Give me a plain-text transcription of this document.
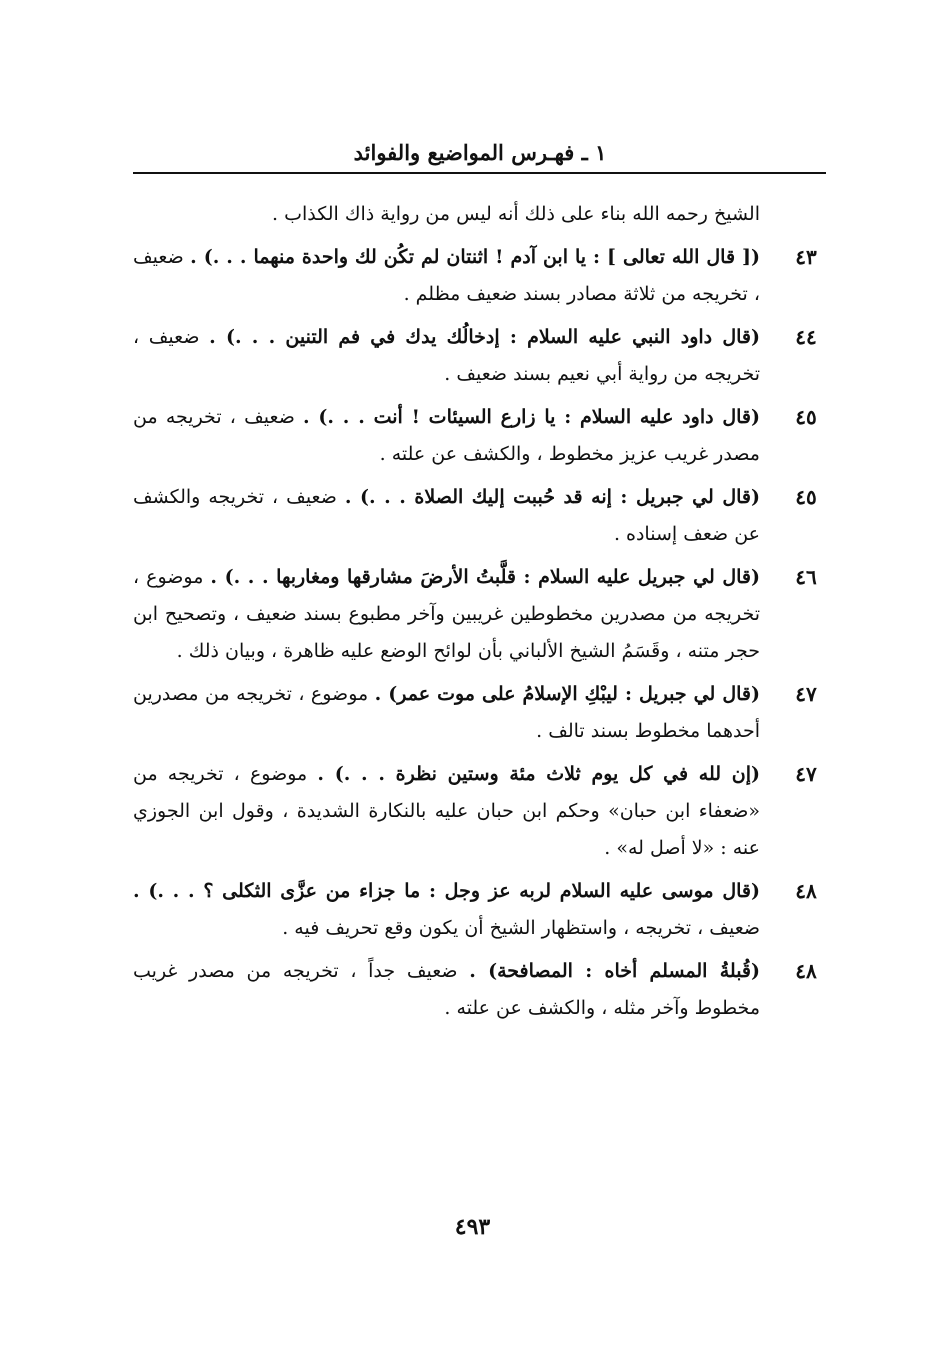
١ ـ فهـرس المواضيع والفوائد
الشيخ رحمه الله بناء على ذلك أنه ليس من رواية ذاك الكذاب .
٤٣
([ قال الله تعالى ] : يا ابن آدم ! اثنتان لم تكُن لك واحدة منهما . . .) . ضعيف ، تخريجه من ثلاثة مصادر بسند ضعيف مظلم .
٤٤
(قال داود النبي عليه السلام : إدخالُك يدك في فم التنين . . .) . ضعيف ، تخريجه من رواية أبي نعيم بسند ضعيف .
٤٥
(قال داود عليه السلام : يا زارع السيئات ! أنت . . .) . ضعيف ، تخريجه من مصدر غريب عزيز مخطوط ، والكشف عن علته .
٤٥
(قال لي جبريل : إنه قد حُببت إليك الصلاة . . .) . ضعيف ، تخريجه والكشف عن ضعف إسناده .
٤٦
(قال لي جبريل عليه السلام : قلَّبتُ الأرضَ مشارقها ومغاربها . . .) . موضوع ، تخريجه من مصدرين مخطوطين غريبين وآخر مطبوع بسند ضعيف ، وتصحيح ابن حجر متنه ، وقَسَمُ الشيخ الألباني بأن لوائح الوضع عليه ظاهرة ، وبيان ذلك .
٤٧
(قال لي جبريل : ليبْكِ الإسلامُ على موت عمر) . موضوع ، تخريجه من مصدرين أحدهما مخطوط بسند تالف .
٤٧
(إن لله في كل يوم ثلاث مئة وستين نظرة . . .) . موضوع ، تخريجه من «ضعفاء ابن حبان» وحكم ابن حبان عليه بالنكارة الشديدة ، وقول ابن الجوزي عنه : «لا أصل له» .
٤٨
(قال موسى عليه السلام لربه عز وجل : ما جزاء من عزَّى الثكلى ؟ . . .) . ضعيف ، تخريجه ، واستظهار الشيخ أن يكون وقع تحريف فيه .
٤٨
(قُبلةُ المسلم أخاه : المصافحة) . ضعيف جداً ، تخريجه من مصدر غريب مخطوط وآخر مثله ، والكشف عن علته .
٤٩٣
